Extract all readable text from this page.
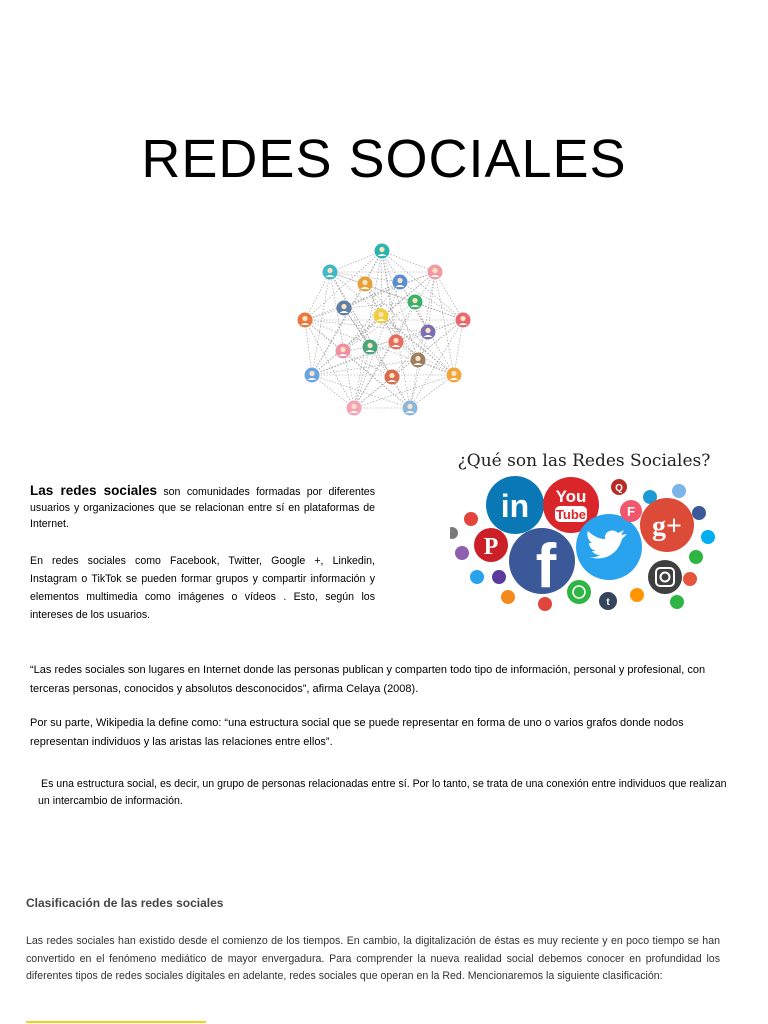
REDES SOCIALES
¿Qué son las Redes Sociales?
in You
Tube
P f
g+
F
Q
t
Las redes sociales son comunidades formadas por diferentes usuarios y organizaciones que se relacionan entre sí en plataformas de Internet.
En redes sociales como Facebook, Twitter, Google +, Linkedin, Instagram o TikTok se pueden formar grupos y compartir información y elementos multimedia como imágenes o vídeos . Esto, según los intereses de los usuarios.
“Las redes sociales son lugares en Internet donde las personas publican y comparten todo tipo de información, personal y profesional, con terceras personas, conocidos y absolutos desconocidos”, afirma Celaya (2008).
Por su parte, Wikipedia la define como: “una estructura social que se puede representar en forma de uno o varios grafos donde nodos representan individuos y las aristas las relaciones entre ellos”.
Es una estructura social, es decir, un grupo de personas relacionadas entre sí. Por lo tanto, se trata de una conexión entre individuos que realizan un intercambio de información.
Clasificación de las redes sociales
Las redes sociales han existido desde el comienzo de los tiempos. En cambio, la digitalización de éstas es muy reciente y en poco tiempo se han convertido en el fenómeno mediático de mayor envergadura. Para comprender la nueva realidad social debemos conocer en profundidad los diferentes tipos de redes sociales digitales en adelante, redes sociales que operan en la Red. Mencionaremos la siguiente clasificación:
